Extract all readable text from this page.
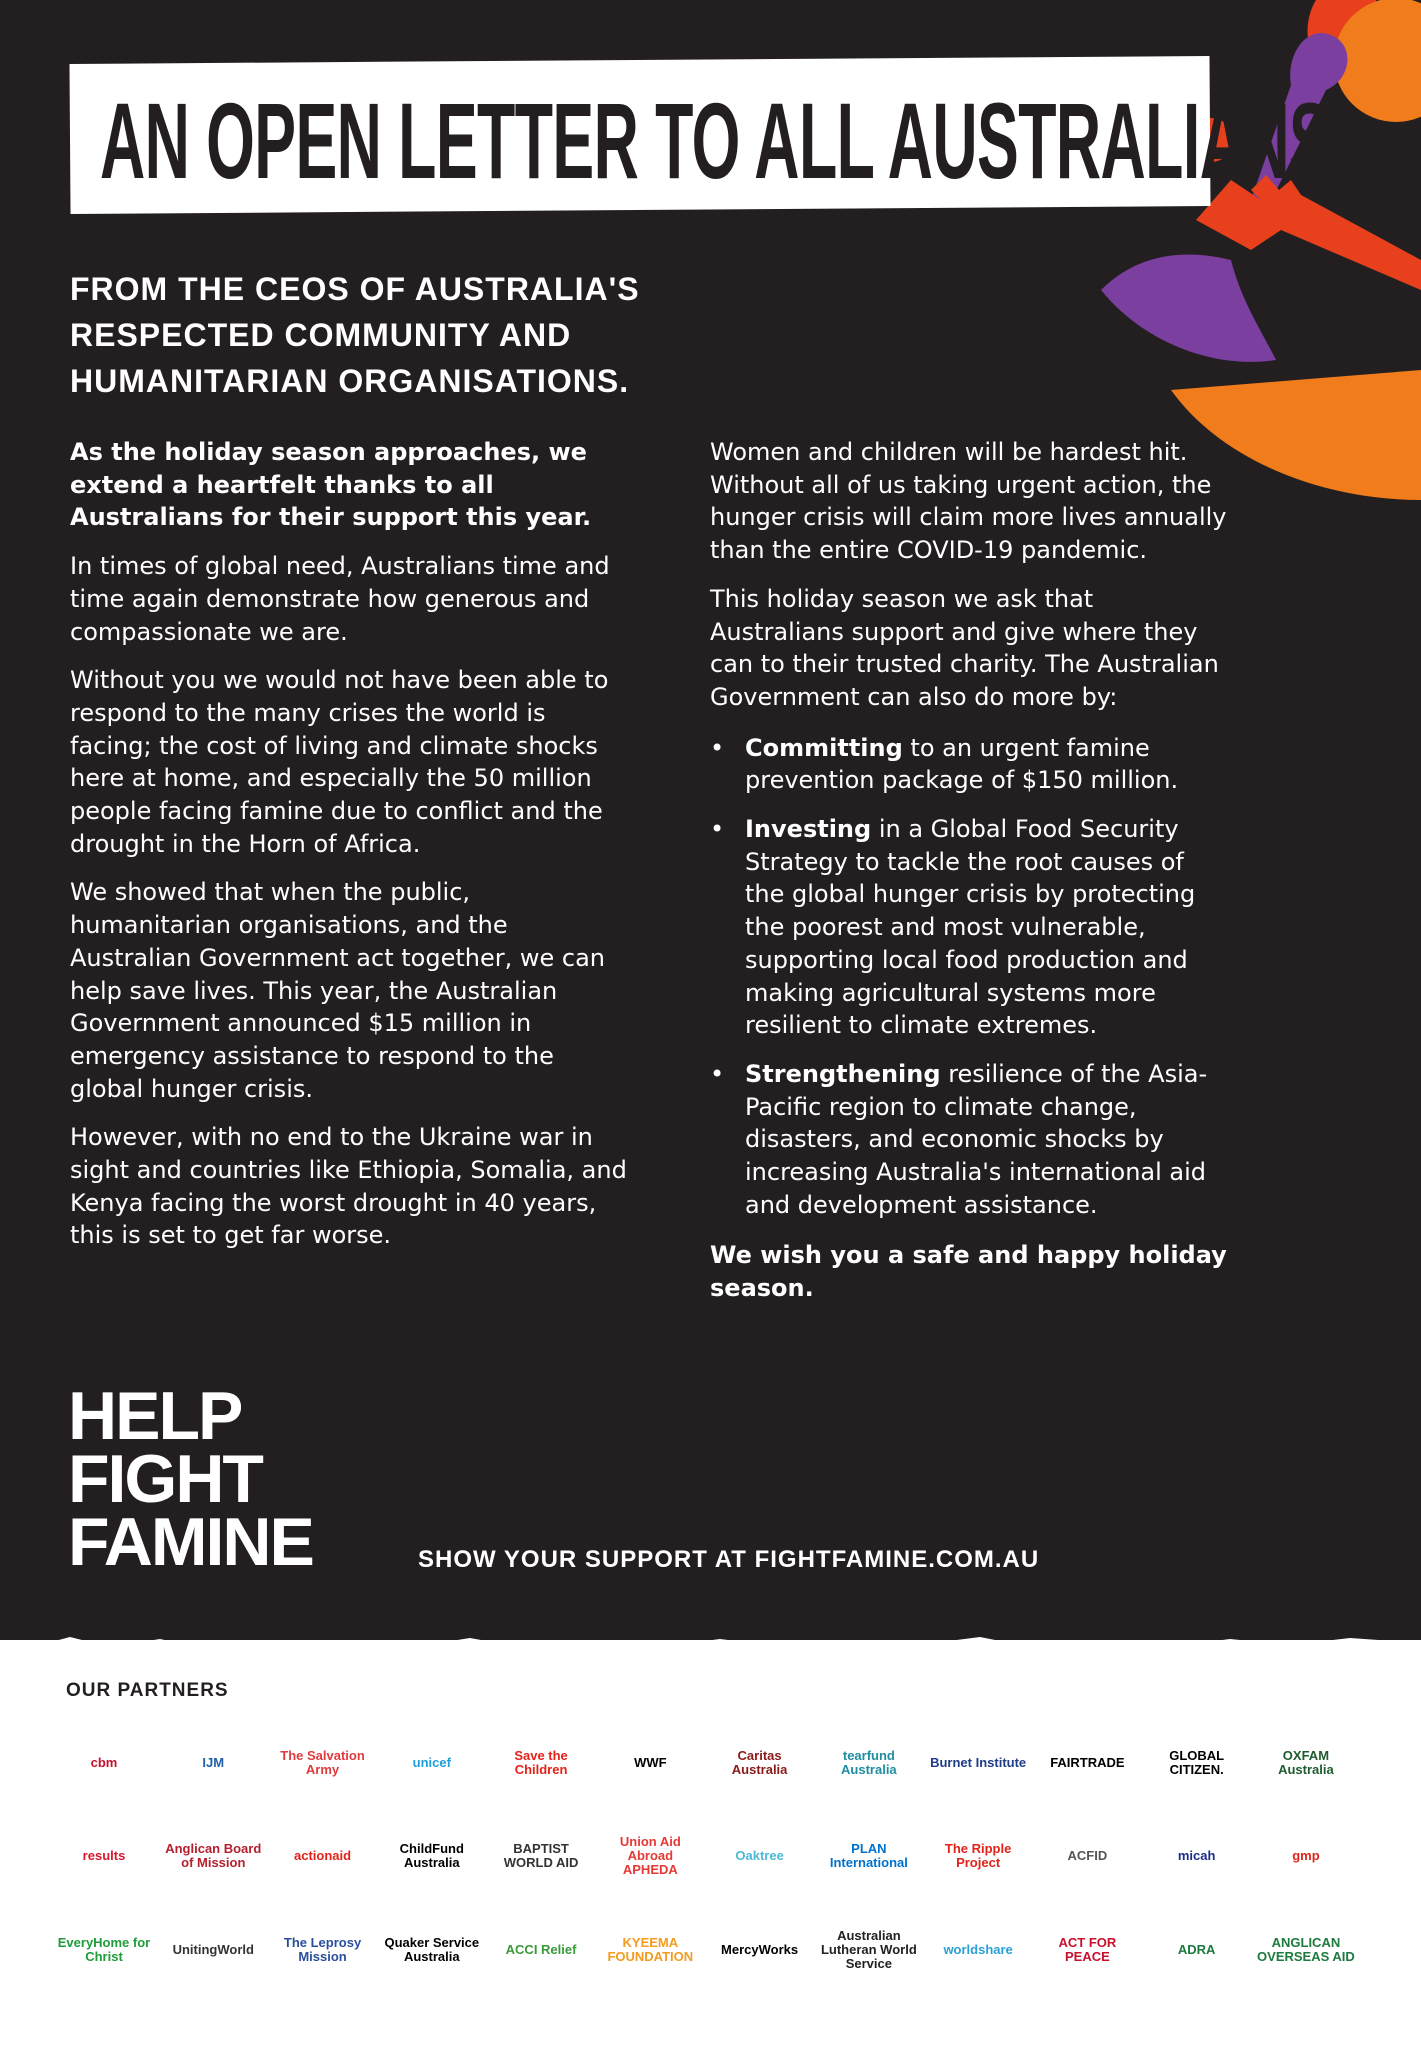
AN OPEN LETTER TO ALL AUSTRALIANS
FROM THE CEOS OF AUSTRALIA'S
RESPECTED COMMUNITY AND
HUMANITARIAN ORGANISATIONS.

As the holiday season approaches, we extend a heartfelt thanks to all Australians for their support this year.

In times of global need, Australians time and time again demonstrate how generous and compassionate we are.

Without you we would not have been able to respond to the many crises the world is facing; the cost of living and climate shocks here at home, and especially the 50 million people facing famine due to conflict and the drought in the Horn of Africa.

We showed that when the public, humanitarian organisations, and the Australian Government act together, we can help save lives. This year, the Australian Government announced $15 million in emergency assistance to respond to the global hunger crisis.

However, with no end to the Ukraine war in sight and countries like Ethiopia, Somalia, and Kenya facing the worst drought in 40 years, this is set to get far worse.

Women and children will be hardest hit. Without all of us taking urgent action, the hunger crisis will claim more lives annually than the entire COVID-19 pandemic.

This holiday season we ask that Australians support and give where they can to their trusted charity. The Australian Government can also do more by:

• Committing to an urgent famine prevention package of $150 million.
• Investing in a Global Food Security Strategy to tackle the root causes of the global hunger crisis by protecting the poorest and most vulnerable, supporting local food production and making agricultural systems more resilient to climate extremes.
• Strengthening resilience of the Asia-Pacific region to climate change, disasters, and economic shocks by increasing Australia's international aid and development assistance.

We wish you a safe and happy holiday season.

HELP
FIGHT
FAMINE	SHOW YOUR SUPPORT AT FIGHTFAMINE.COM.AU
OUR PARTNERS
cbm	IJM	The Salvation Army	unicef	Save the Children	WWF	Caritas Australia
tearfund Australia	Burnet Institute	FAIRTRADE	GLOBAL CITIZEN.
OXFAM Australia
results	Anglican Board of Mission	actionaid	ChildFund Australia
BAPTIST WORLD AID
Union Aid Abroad APHEDA
Oaktree	PLAN International
The Ripple Project	ACFID	micah	gmp
EveryHome for Christ	UnitingWorld	The Leprosy Mission
Quaker Service Australia	ACCI Relief	KYEEMA FOUNDATION	MercyWorks
Australian Lutheran World Service
worldshare	ACT FOR PEACE	ADRA	ANGLICAN OVERSEAS AID
